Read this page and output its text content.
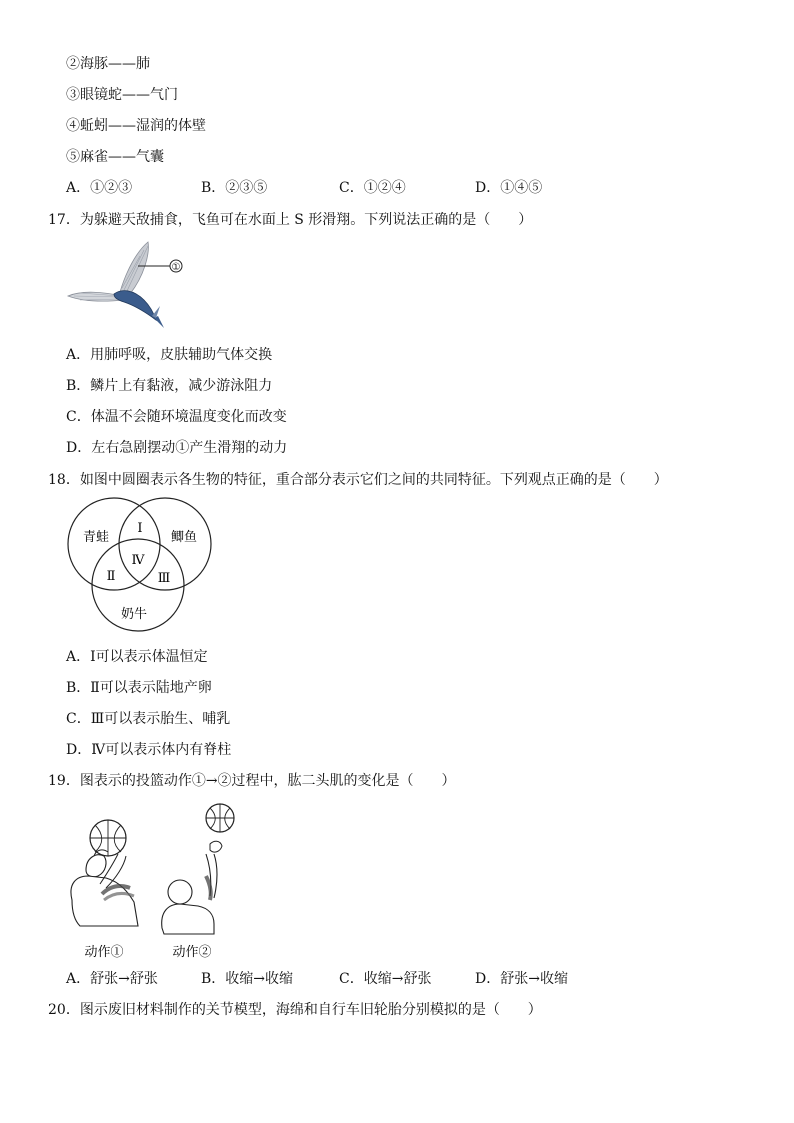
②海豚——肺
③眼镜蛇——气门
④蚯蚓——湿润的体壁
⑤麻雀——气囊
A．①②③	B．②③⑤	C．①②④	D．①④⑤
17．为躲避天敌捕食，飞鱼可在水面上 S 形滑翔。下列说法正确的是（　　）
①
A．用肺呼吸，皮肤辅助气体交换
B．鳞片上有黏液，减少游泳阻力
C．体温不会随环境温度变化而改变
D．左右急剧摆动①产生滑翔的动力
18．如图中圆圈表示各生物的特征，重合部分表示它们之间的共同特征。下列观点正确的是（　　）
青蛙	鲫鱼
奶牛
Ⅰ
Ⅱ	Ⅲ
Ⅳ
A．Ⅰ可以表示体温恒定
B．Ⅱ可以表示陆地产卵
C．Ⅲ可以表示胎生、哺乳
D．Ⅳ可以表示体内有脊柱
19．图表示的投篮动作①→②过程中，肱二头肌的变化是（　　）
动作①	动作②
A．舒张→舒张	B．收缩→收缩	C．收缩→舒张	D．舒张→收缩
20．图示废旧材料制作的关节模型，海绵和自行车旧轮胎分别模拟的是（　　）
